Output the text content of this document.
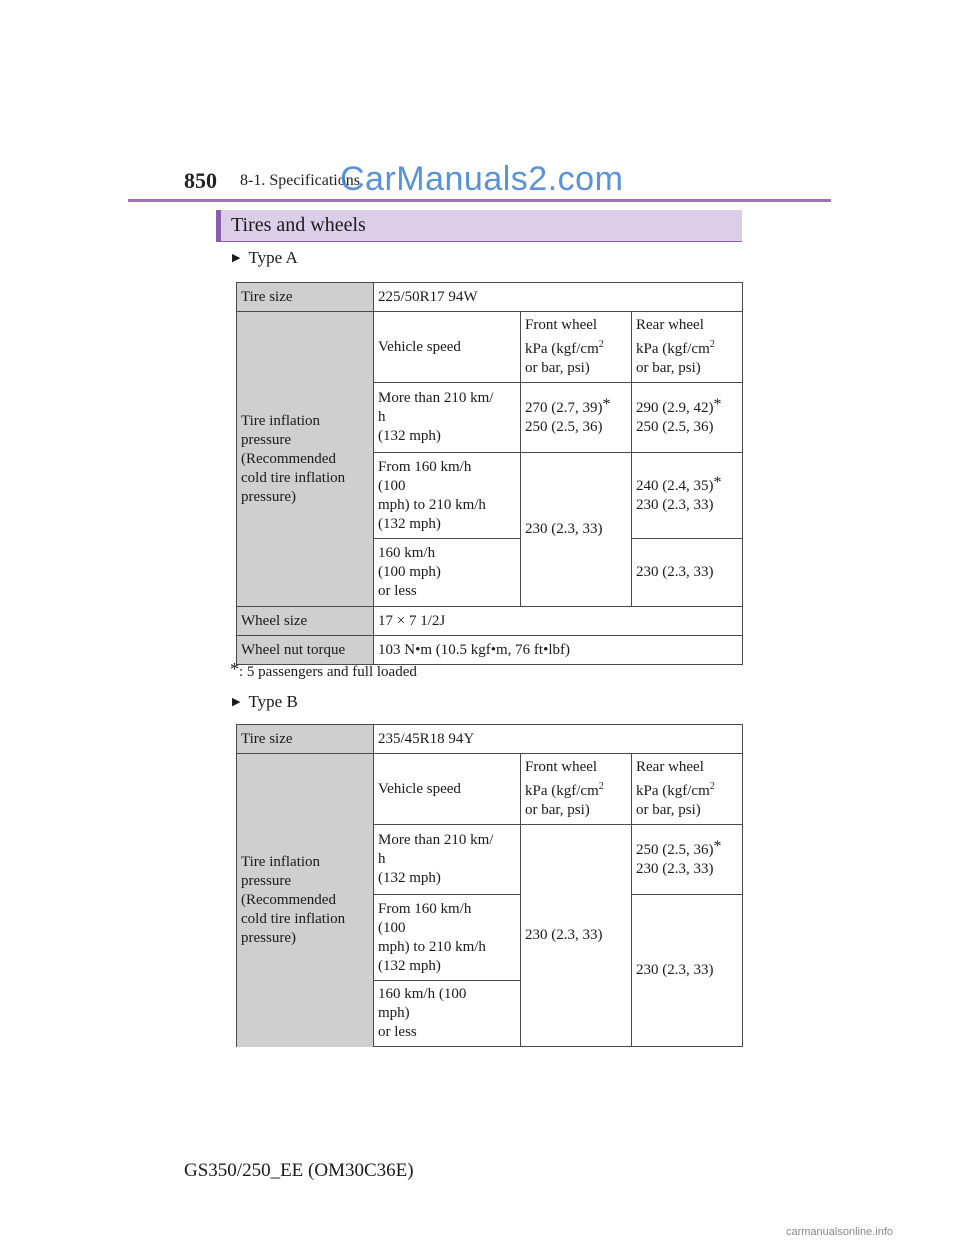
850 8-1. Specifications
CarManuals2.com
Tires and wheels
▶ Type A
Tire size	225/50R17 94W		
Tire inflation
pressure
(Recommended
cold tire inflation
pressure)	Vehicle speed	Front wheel
kPa ($kgf/cm^2$
or bar, psi)	Rear wheel
kPa ($kgf/cm^2$
or bar, psi)
	More than 210 km/
h
(132 mph)	270 (2.7, 39)*
250 (2.5, 36)	290 (2.9, 42)*
250 (2.5, 36)
	From 160 km/h
(100
mph) to 210 km/h
(132 mph)	230 (2.3, 33)	240 (2.4, 35)*
230 (2.3, 33)
	160 km/h
(100 mph)
or less		230 (2.3, 33)
Wheel size	17 × 7 1/2J		
Wheel nut torque	103 N•m (10.5 kgf•m, 76 ft•lbf)		
*: 5 passengers and full loaded
▶ Type B
Tire size	235/45R18 94Y		
Tire inflation
pressure
(Recommended
cold tire inflation
pressure)	Vehicle speed	Front wheel
kPa ($kgf/cm^2$
or bar, psi)	Rear wheel
kPa ($kgf/cm^2$
or bar, psi)
	More than 210 km/
h
(132 mph)	230 (2.3, 33)	250 (2.5, 36)*
230 (2.3, 33)
	From 160 km/h
(100
mph) to 210 km/h
(132 mph)		230 (2.3, 33)
	160 km/h (100
mph)
or less		
GS350/250_EE (OM30C36E)
carmanualsonline.info
